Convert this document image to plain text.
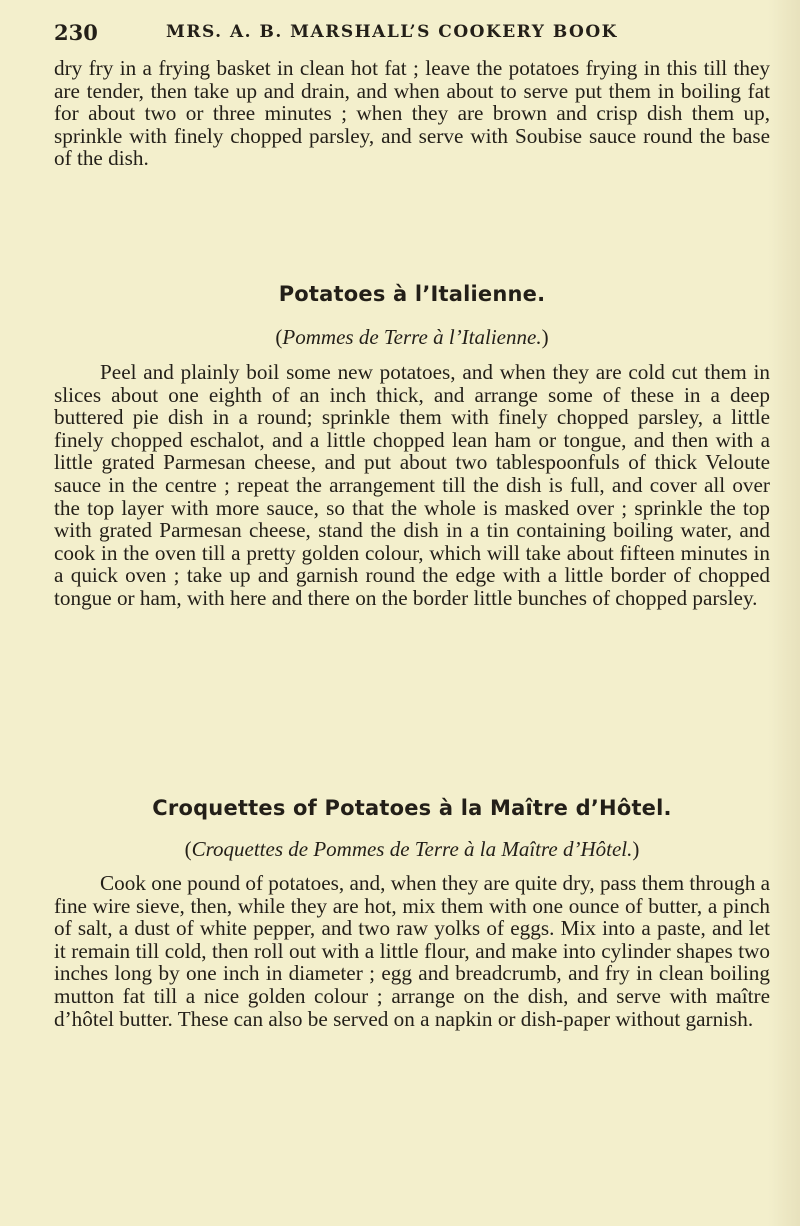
230	MRS. A. B. MARSHALL’S COOKERY BOOK
dry fry in a frying basket in clean hot fat ; leave the potatoes frying in this till they are tender, then take up and drain, and when about to serve put them in boiling fat for about two or three minutes ; when they are brown and crisp dish them up, sprinkle with finely chopped parsley, and serve with Soubise sauce round the base of the dish.
Potatoes à l’Italienne.
(Pommes de Terre à l’Italienne.)
Peel and plainly boil some new potatoes, and when they are cold cut them in slices about one eighth of an inch thick, and arrange some of these in a deep buttered pie dish in a round; sprinkle them with finely chopped parsley, a little finely chopped eschalot, and a little chopped lean ham or tongue, and then with a little grated Parmesan cheese, and put about two tablespoonfuls of thick Veloute sauce in the centre ; repeat the arrangement till the dish is full, and cover all over the top layer with more sauce, so that the whole is masked over ; sprinkle the top with grated Parmesan cheese, stand the dish in a tin containing boiling water, and cook in the oven till a pretty golden colour, which will take about fifteen minutes in a quick oven ; take up and garnish round the edge with a little border of chopped tongue or ham, with here and there on the border little bunches of chopped parsley.
Croquettes of Potatoes à la Maître d’Hôtel.
(Croquettes de Pommes de Terre à la Maître d’Hôtel.)
Cook one pound of potatoes, and, when they are quite dry, pass them through a fine wire sieve, then, while they are hot, mix them with one ounce of butter, a pinch of salt, a dust of white pepper, and two raw yolks of eggs. Mix into a paste, and let it remain till cold, then roll out with a little flour, and make into cylinder shapes two inches long by one inch in diameter ; egg and breadcrumb, and fry in clean boiling mutton fat till a nice golden colour ; arrange on the dish, and serve with maître d’hôtel butter. These can also be served on a napkin or dish-paper without garnish.
